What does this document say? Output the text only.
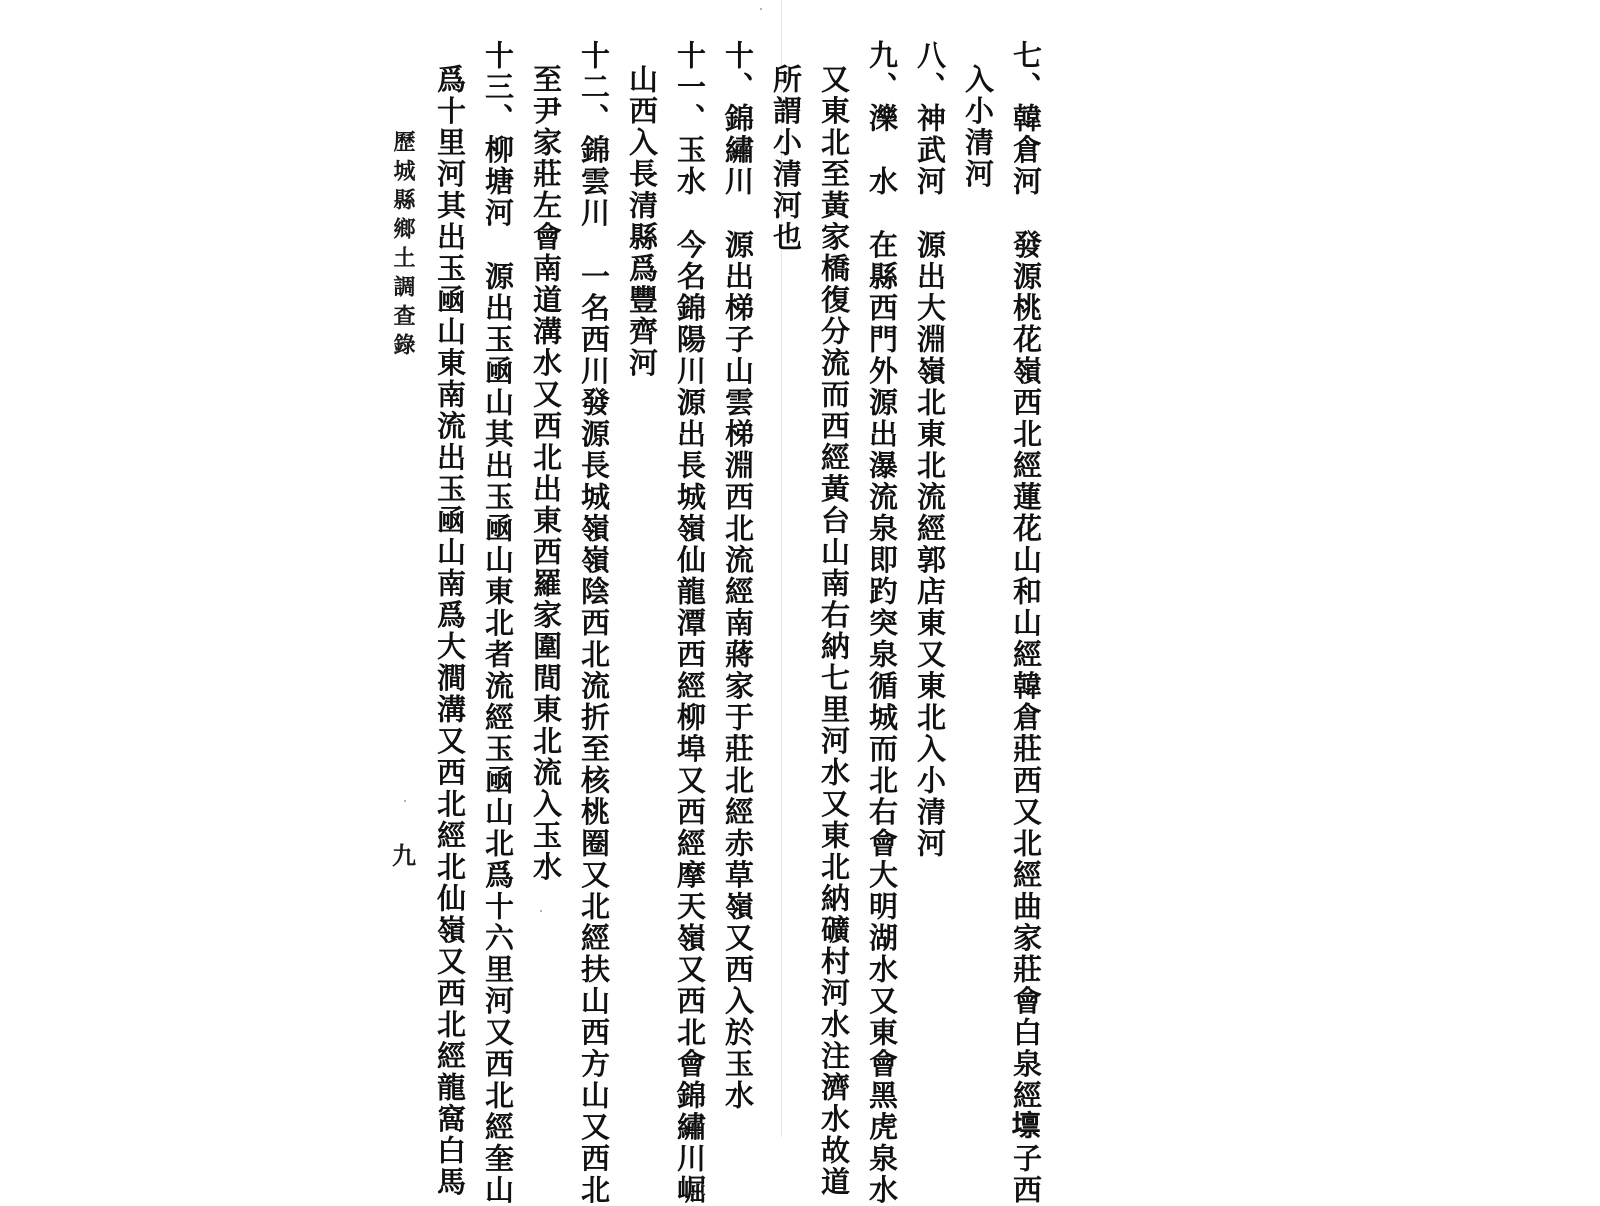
七、韓倉河發源桃花嶺西北經蓮花山和山經韓倉莊西又北經曲家莊會白泉經𡒄子西
入小清河
八、神武河源出大淵嶺北東北流經郭店東又東北入小清河
九、濼　水在縣西門外源出瀑流泉即趵突泉循城而北右會大明湖水又東會黑虎泉水
又東北至黃家橋復分流而西經黃台山南右納七里河水又東北納礦村河水注濟水故道
所謂小清河也
十、錦繡川源出梯子山雲梯淵西北流經南蔣家于莊北經赤草嶺又西入於玉水
十一、玉水今名錦陽川源出長城嶺仙龍潭西經柳埠又西經摩天嶺又西北會錦繡川崛
山西入長清縣爲豐齊河
十二、錦雲川一名西川發源長城嶺嶺陰西北流折至核桃圈又北經扶山西方山又西北
至尹家莊左會南道溝水又西北出東西羅家圍間東北流入玉水
十三、柳塘河源出玉凾山其出玉凾山東北者流經玉凾山北爲十六里河又西北經奎山
爲十里河其出玉凾山東南流出玉凾山南爲大澗溝又西北經北仙嶺又西北經龍窩白馬
歷城縣鄉土調查錄
九
